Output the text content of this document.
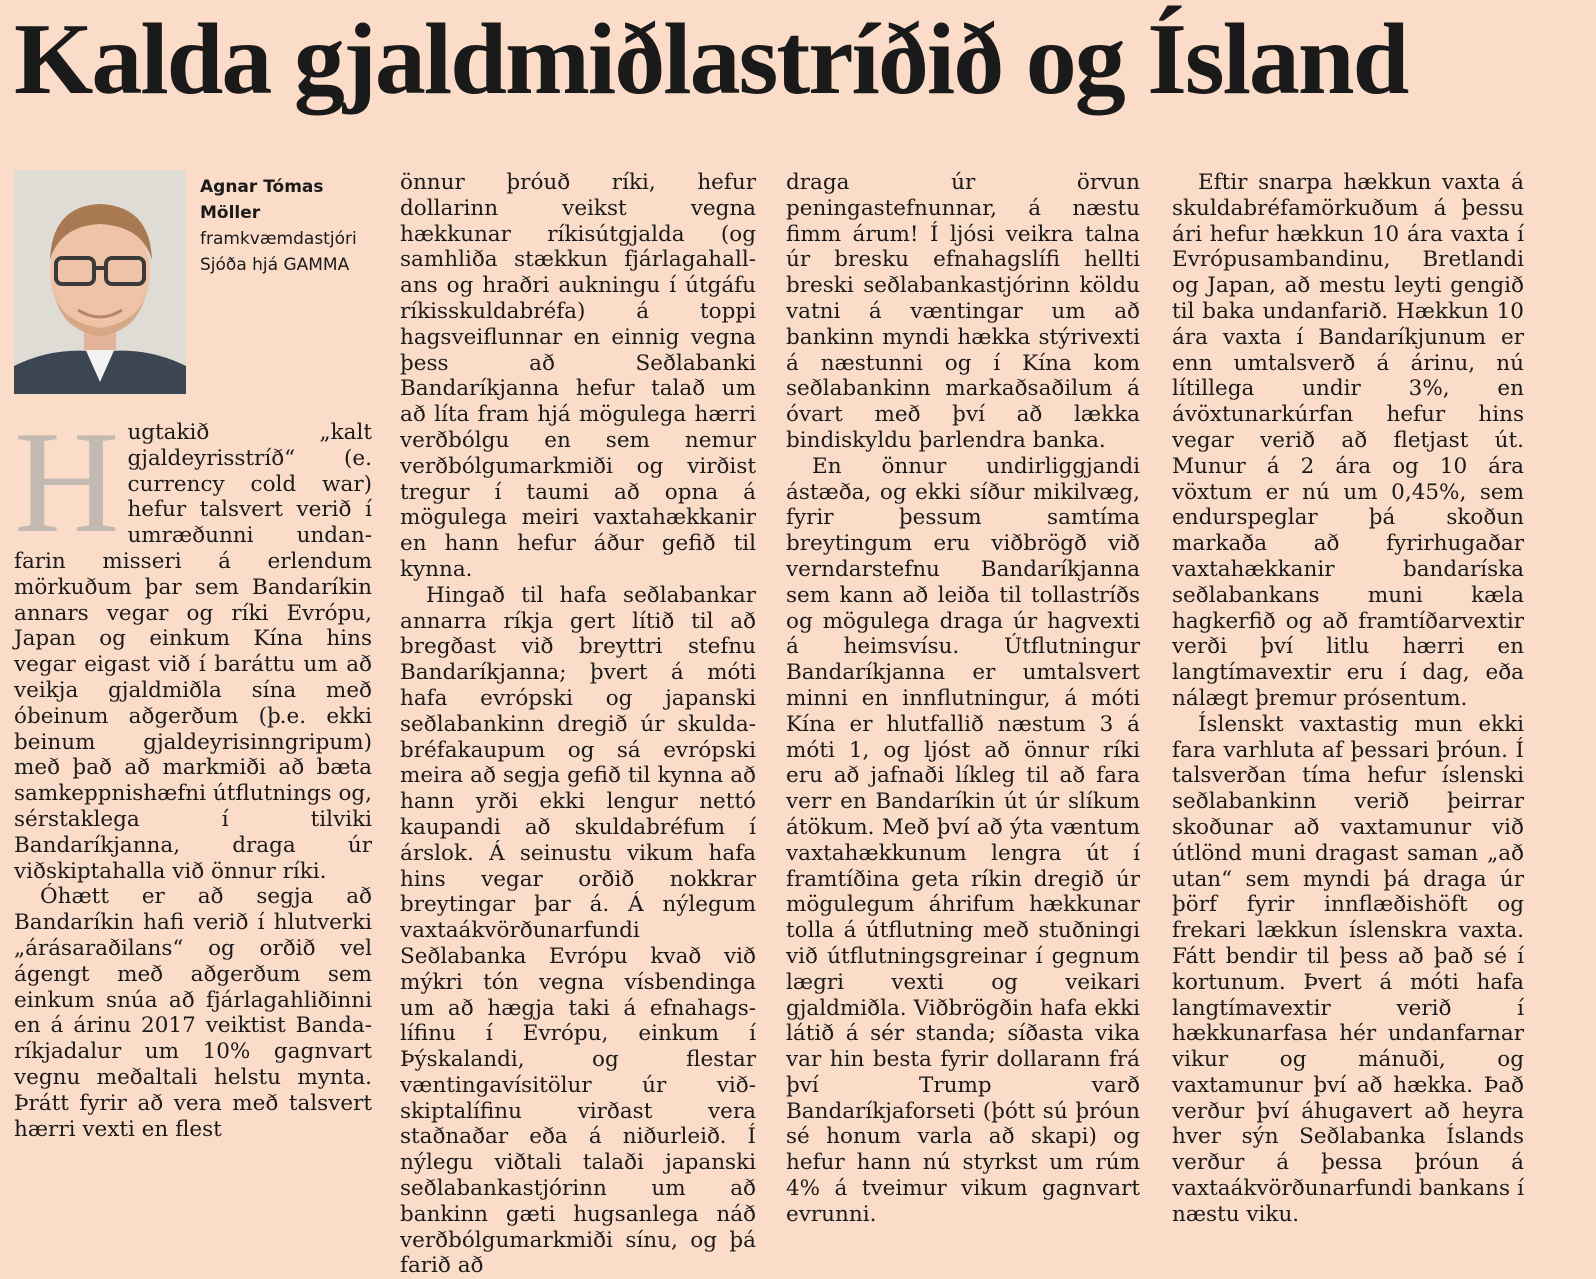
Kalda gjaldmiðlastríðið og Ísland
Agnar Tómas Möller
framkvæmdastjóri Sjóða hjá GAMMA
H ugtakið „kalt gjaldeyrisstríð“ (e. currency cold war) hefur talsvert verið í umræðunni undanfarin misseri á erlendum mörkuðum þar sem Bandaríkin annars vegar og ríki Evrópu, Japan og einkum Kína hins vegar eigast við í baráttu um að veikja gjaldmiðla sína með óbeinum aðgerðum (þ.e. ekki beinum gjaldeyrisinngripum) með það að markmiði að bæta samkeppnishæfni útflutnings og, sérstaklega í tilviki Bandaríkjanna, draga úr viðskiptahalla við önnur ríki.

Óhætt er að segja að Bandaríkin hafi verið í hlutverki „árásaraðilans“ og orðið vel ágengt með aðgerðum sem einkum snúa að fjárlagahliðinni en á árinu 2017 veiktist Bandaríkjadalur um 10% gagnvart vegnu meðaltali helstu mynta. Þrátt fyrir að vera með talsvert hærri vexti en flest

önnur þróuð ríki, hefur dollarinn veikst vegna hækkunar ríkisútgjalda (og samhliða stækkun fjárlagahallans og hraðri aukningu í útgáfu ríkisskuldabréfa) á toppi hagsveiflunnar en einnig vegna þess að Seðlabanki Bandaríkjanna hefur talað um að líta fram hjá mögulega hærri verðbólgu en sem nemur verðbólgumarkmiði og virðist tregur í taumi að opna á mögulega meiri vaxtahækkanir en hann hefur áður gefið til kynna.

Hingað til hafa seðlabankar annarra ríkja gert lítið til að bregðast við breyttri stefnu Bandaríkjanna; þvert á móti hafa evrópski og japanski seðlabankinn dregið úr skuldabréfakaupum og sá evrópski meira að segja gefið til kynna að hann yrði ekki lengur nettó kaupandi að skuldabréfum í árslok. Á seinustu vikum hafa hins vegar orðið nokkrar breytingar þar á. Á nýlegum vaxtaákvörðunarfundi Seðlabanka Evrópu kvað við mýkri tón vegna vísbendinga um að hægja taki á efnahagslífinu í Evrópu, einkum í Þýskalandi, og flestar væntingavísitölur úr viðskiptalífinu virðast vera staðnaðar eða á niðurleið. Í nýlegu viðtali talaði japanski seðlabankastjórinn um að bankinn gæti hugsanlega náð verðbólgumarkmiði sínu, og þá farið að

draga úr örvun peningastefnunnar, á næstu fimm árum! Í ljósi veikra talna úr bresku efnahagslífi hellti breski seðlabankastjórinn köldu vatni á væntingar um að bankinn myndi hækka stýrivexti á næstunni og í Kína kom seðlabankinn markaðsaðilum á óvart með því að lækka bindiskyldu þarlendra banka.

En önnur undirliggjandi ástæða, og ekki síður mikilvæg, fyrir þessum samtíma breytingum eru viðbrögð við verndarstefnu Bandaríkjanna sem kann að leiða til tollastríðs og mögulega draga úr hagvexti á heimsvísu. Útflutningur Bandaríkjanna er umtalsvert minni en innflutningur, á móti Kína er hlutfallið næstum 3 á móti 1, og ljóst að önnur ríki eru að jafnaði líkleg til að fara verr en Bandaríkin út úr slíkum átökum. Með því að ýta væntum vaxtahækkunum lengra út í framtíðina geta ríkin dregið úr mögulegum áhrifum hækkunar tolla á útflutning með stuðningi við útflutningsgreinar í gegnum lægri vexti og veikari gjaldmiðla. Viðbrögðin hafa ekki látið á sér standa; síðasta vika var hin besta fyrir dollarann frá því Trump varð Bandaríkjaforseti (þótt sú þróun sé honum varla að skapi) og hefur hann nú styrkst um rúm 4% á tveimur vikum gagnvart evrunni.

Eftir snarpa hækkun vaxta á skuldabréfamörkuðum á þessu ári hefur hækkun 10 ára vaxta í Evrópusambandinu, Bretlandi og Japan, að mestu leyti gengið til baka undanfarið. Hækkun 10 ára vaxta í Bandaríkjunum er enn umtalsverð á árinu, nú lítillega undir 3%, en ávöxtunarkúrfan hefur hins vegar verið að fletjast út. Munur á 2 ára og 10 ára vöxtum er nú um 0,45%, sem endurspeglar þá skoðun markaða að fyrirhugaðar vaxtahækkanir bandaríska seðlabankans muni kæla hagkerfið og að framtíðarvextir verði því litlu hærri en langtímavextir eru í dag, eða nálægt þremur prósentum.

Íslenskt vaxtastig mun ekki fara varhluta af þessari þróun. Í talsverðan tíma hefur íslenski seðlabankinn verið þeirrar skoðunar að vaxtamunur við útlönd muni dragast saman „að utan“ sem myndi þá draga úr þörf fyrir innflæðishöft og frekari lækkun íslenskra vaxta. Fátt bendir til þess að það sé í kortunum. Þvert á móti hafa langtímavextir verið í hækkunarfasa hér undanfarnar vikur og mánuði, og vaxtamunur því að hækka. Það verður því áhugavert að heyra hver sýn Seðlabanka Íslands verður á þessa þróun á vaxtaákvörðunarfundi bankans í næstu viku.
